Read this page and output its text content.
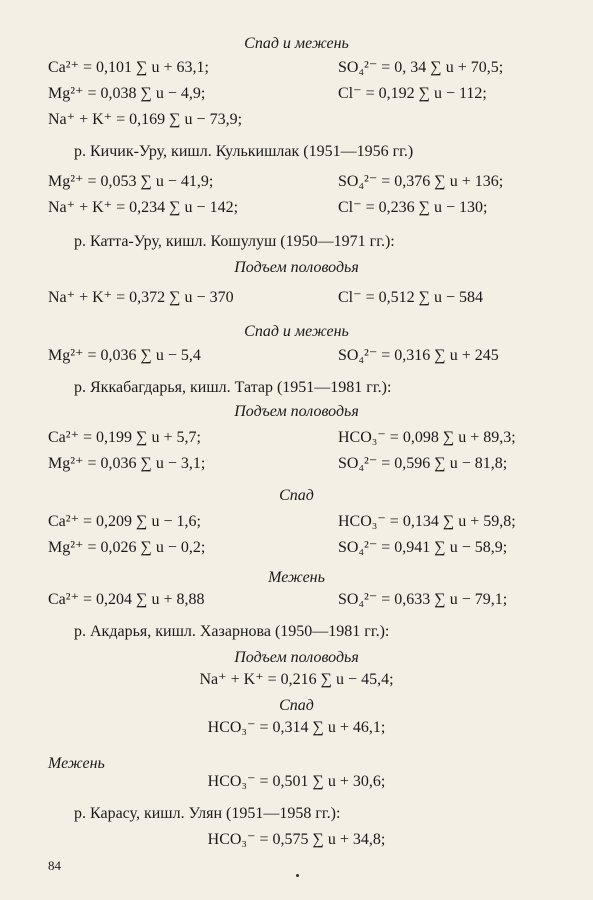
Спад и межень
Ca²⁺ = 0,101 ∑ u + 63,1;	SO₄²⁻ = 0, 34 ∑ u + 70,5;
Mg²⁺ = 0,038 ∑ u − 4,9;	Cl⁻ = 0,192 ∑ u − 112;
Na⁺ + K⁺ = 0,169 ∑ u − 73,9;
р. Кичик-Уру, кишл. Кулькишлак (1951—1956 гг.)
Mg²⁺ = 0,053 ∑ u − 41,9;	SO₄²⁻ = 0,376 ∑ u + 136;
Na⁺ + K⁺ = 0,234 ∑ u − 142;	Cl⁻ = 0,236 ∑ u − 130;
р. Катта-Уру, кишл. Кошулуш (1950—1971 гг.):
Подъем половодья
Na⁺ + K⁺ = 0,372 ∑ u − 370	Cl⁻ = 0,512 ∑ u − 584
Спад и межень
Mg²⁺ = 0,036 ∑ u − 5,4	SO₄²⁻ = 0,316 ∑ u + 245
р. Яккабагдарья, кишл. Татар (1951—1981 гг.):
Подъем половодья
Ca²⁺ = 0,199 ∑ u + 5,7;	HCO₃⁻ = 0,098 ∑ u + 89,3;
Mg²⁺ = 0,036 ∑ u − 3,1;	SO₄²⁻ = 0,596 ∑ u − 81,8;
Спад
Ca²⁺ = 0,209 ∑ u − 1,6;	HCO₃⁻ = 0,134 ∑ u + 59,8;
Mg²⁺ = 0,026 ∑ u − 0,2;	SO₄²⁻ = 0,941 ∑ u − 58,9;
Межень
Ca²⁺ = 0,204 ∑ u + 8,88	SO₄²⁻ = 0,633 ∑ u − 79,1;
р. Акдарья, кишл. Хазарнова (1950—1981 гг.):
Подъем половодья
Na⁺ + K⁺ = 0,216 ∑ u − 45,4;
Спад
HCO₃⁻ = 0,314 ∑ u + 46,1;
Межень
HCO₃⁻ = 0,501 ∑ u + 30,6;
р. Карасу, кишл. Улян (1951—1958 гг.):
HCO₃⁻ = 0,575 ∑ u + 34,8;
84
